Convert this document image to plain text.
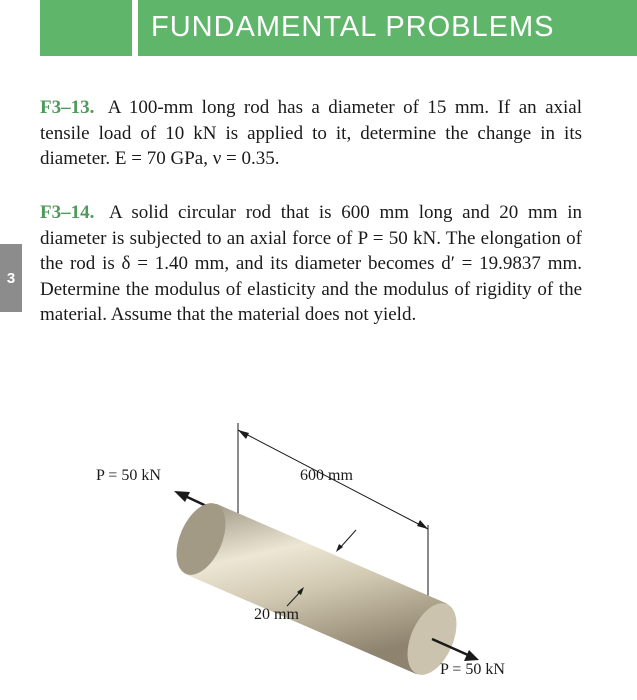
FUNDAMENTAL PROBLEMS

F3–13. A 100-mm long rod has a diameter of 15 mm. If an axial tensile load of 10 kN is applied to it, determine the change in its diameter. E = 70 GPa, ν = 0.35.

F3–14. A solid circular rod that is 600 mm long and 20 mm in diameter is subjected to an axial force of P = 50 kN. The elongation of the rod is δ = 1.40 mm, and its diameter becomes d′ = 19.9837 mm. Determine the modulus of elasticity and the modulus of rigidity of the material. Assume that the material does not yield.

3
P = 50 kN	600 mm
20 mm
P = 50 kN
